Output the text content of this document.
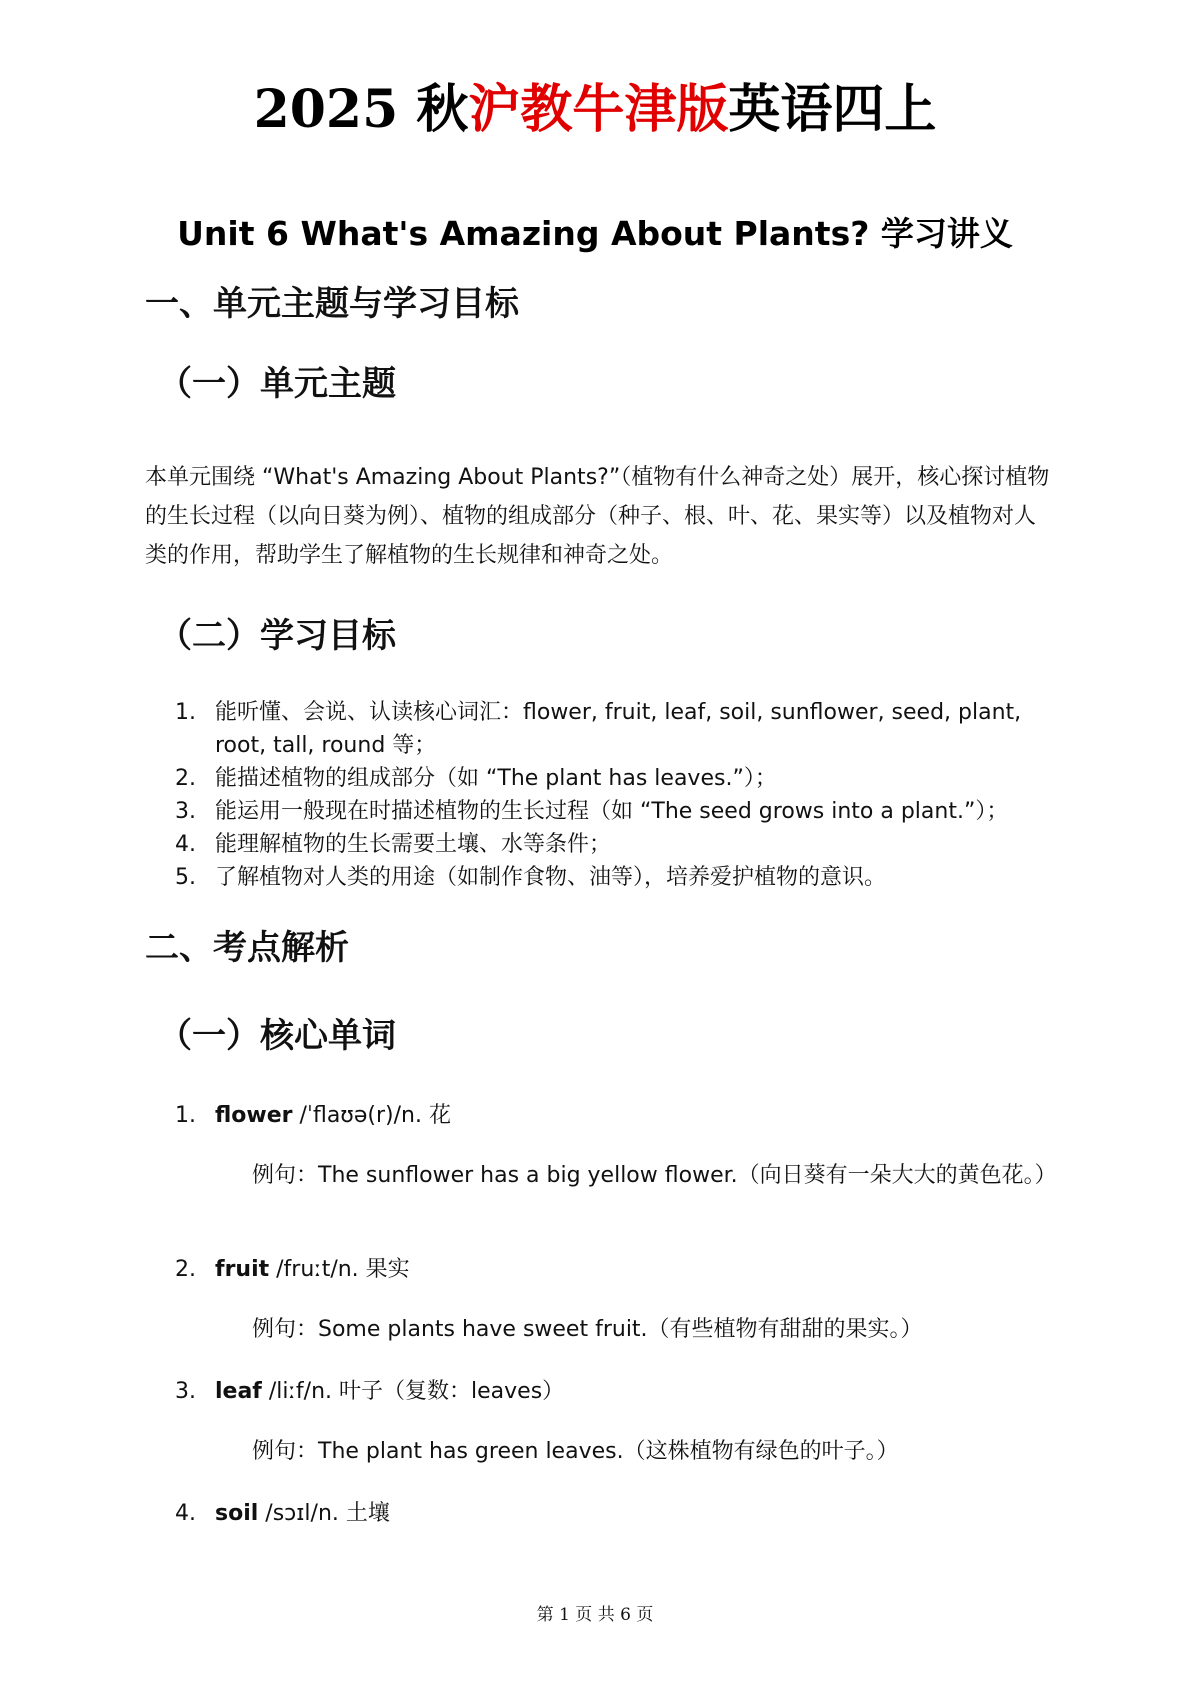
2025 秋沪教牛津版英语四上
Unit 6 What's Amazing About Plants? 学习讲义
一、单元主题与学习目标
（一）单元主题
本单元围绕 “What's Amazing About Plants?”（植物有什么神奇之处）展开，核心探讨植物的生长过程（以向日葵为例）、植物的组成部分（种子、根、叶、花、果实等）以及植物对人类的作用，帮助学生了解植物的生长规律和神奇之处。
（二）学习目标
1. 能听懂、会说、认读核心词汇：flower, fruit, leaf, soil, sunflower, seed, plant, root, tall, round 等；
2. 能描述植物的组成部分（如 “The plant has leaves.”）；
3. 能运用一般现在时描述植物的生长过程（如 “The seed grows into a plant.”）；
4. 能理解植物的生长需要土壤、水等条件；
5. 了解植物对人类的用途（如制作食物、油等），培养爱护植物的意识。
二、考点解析
（一）核心单词
1. flower /ˈflaʊə(r)/n. 花
例句：The sunflower has a big yellow flower.（向日葵有一朵大大的黄色花。）
2. fruit /fruːt/n. 果实
例句：Some plants have sweet fruit.（有些植物有甜甜的果实。）
3. leaf /liːf/n. 叶子（复数：leaves）
例句：The plant has green leaves.（这株植物有绿色的叶子。）
4. soil /sɔɪl/n. 土壤
第 1 页 共 6 页
